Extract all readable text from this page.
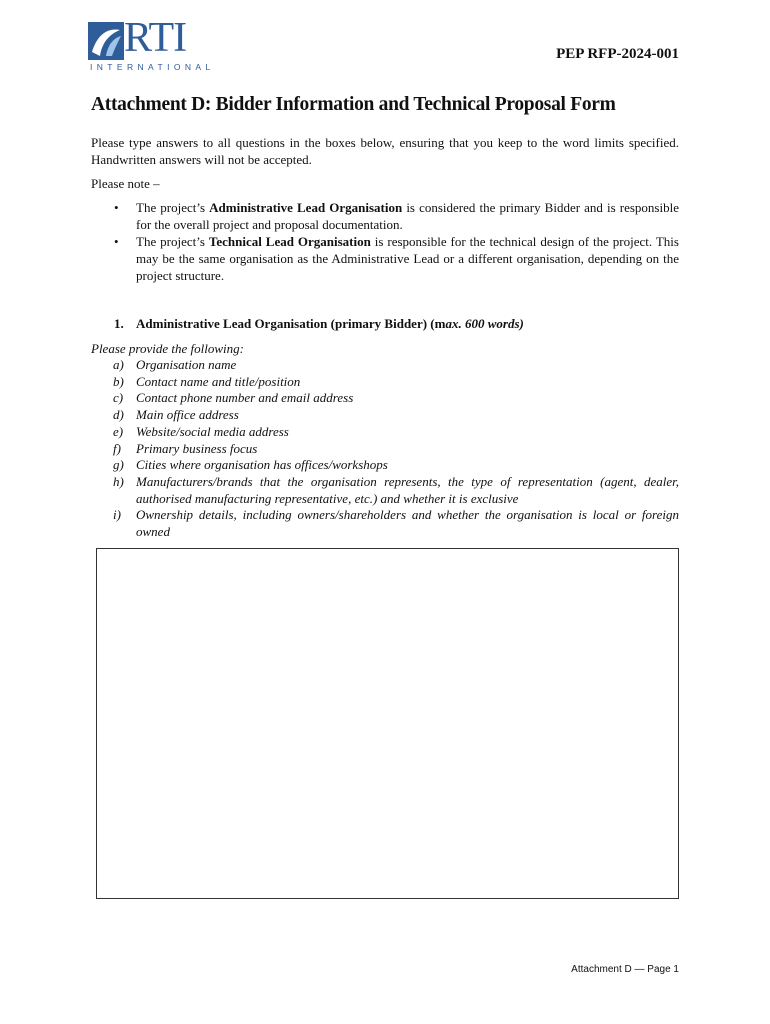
RTI
INTERNATIONAL
PEP RFP-2024-001
Attachment D: Bidder Information and Technical Proposal Form
Please type answers to all questions in the boxes below, ensuring that you keep to the word limits specified. Handwritten answers will not be accepted.
Please note –
• The project’s Administrative Lead Organisation is considered the primary Bidder and is responsible for the overall project and proposal documentation.
• The project’s Technical Lead Organisation is responsible for the technical design of the project. This may be the same organisation as the Administrative Lead or a different organisation, depending on the project structure.
1. Administrative Lead Organisation (primary Bidder) (max. 600 words)
Please provide the following:
a) Organisation name
b) Contact name and title/position
c) Contact phone number and email address
d) Main office address
e) Website/social media address
f) Primary business focus
g) Cities where organisation has offices/workshops
h) Manufacturers/brands that the organisation represents, the type of representation (agent, dealer, authorised manufacturing representative, etc.) and whether it is exclusive
i) Ownership details, including owners/shareholders and whether the organisation is local or foreign owned
Attachment D — Page 1
